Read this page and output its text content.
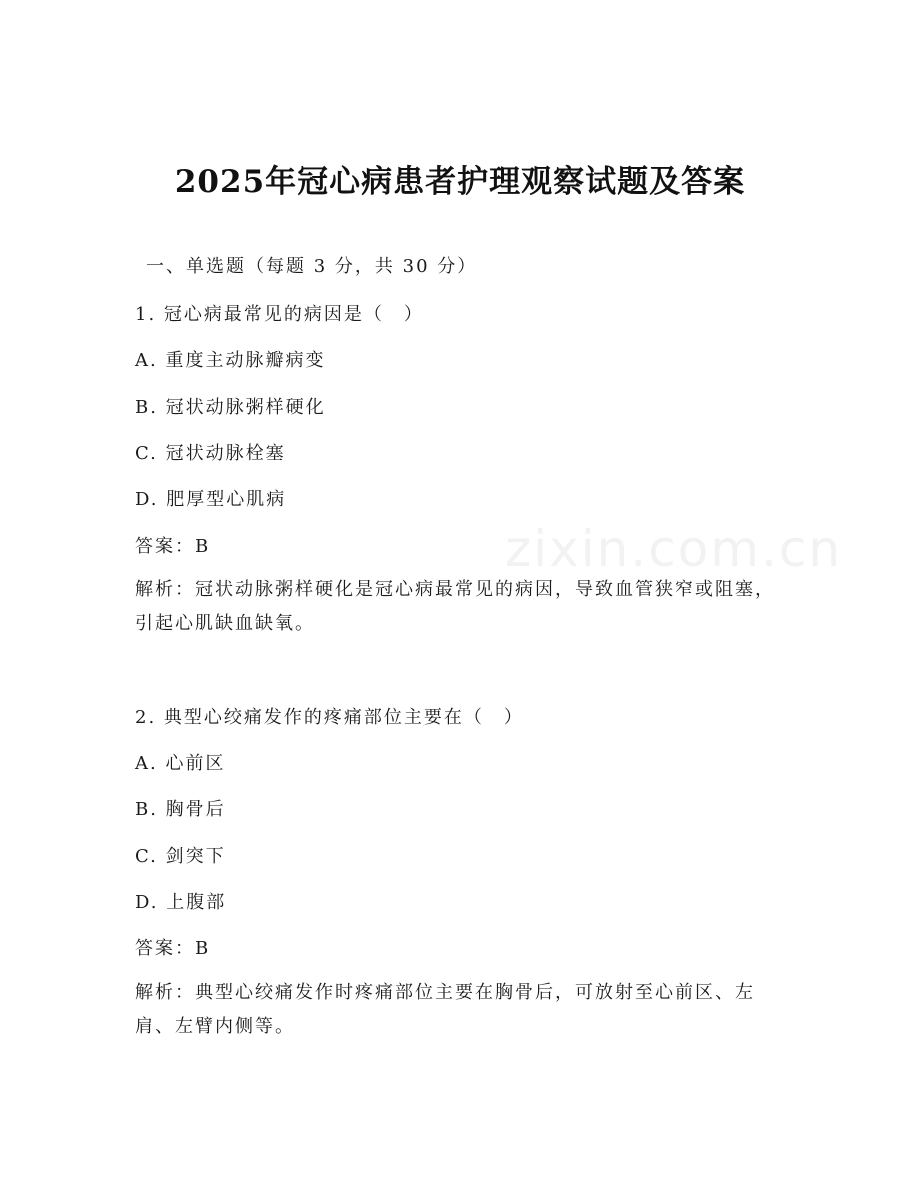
zixin.com.cn
2025年冠心病患者护理观察试题及答案
一、单选题（每题 3 分，共 30 分）
1. 冠心病最常见的病因是（　）
A. 重度主动脉瓣病变
B. 冠状动脉粥样硬化
C. 冠状动脉栓塞
D. 肥厚型心肌病
答案：B
解析：冠状动脉粥样硬化是冠心病最常见的病因，导致血管狭窄或阻塞，引起心肌缺血缺氧。
2. 典型心绞痛发作的疼痛部位主要在（　）
A. 心前区
B. 胸骨后
C. 剑突下
D. 上腹部
答案：B
解析：典型心绞痛发作时疼痛部位主要在胸骨后，可放射至心前区、左肩、左臂内侧等。
